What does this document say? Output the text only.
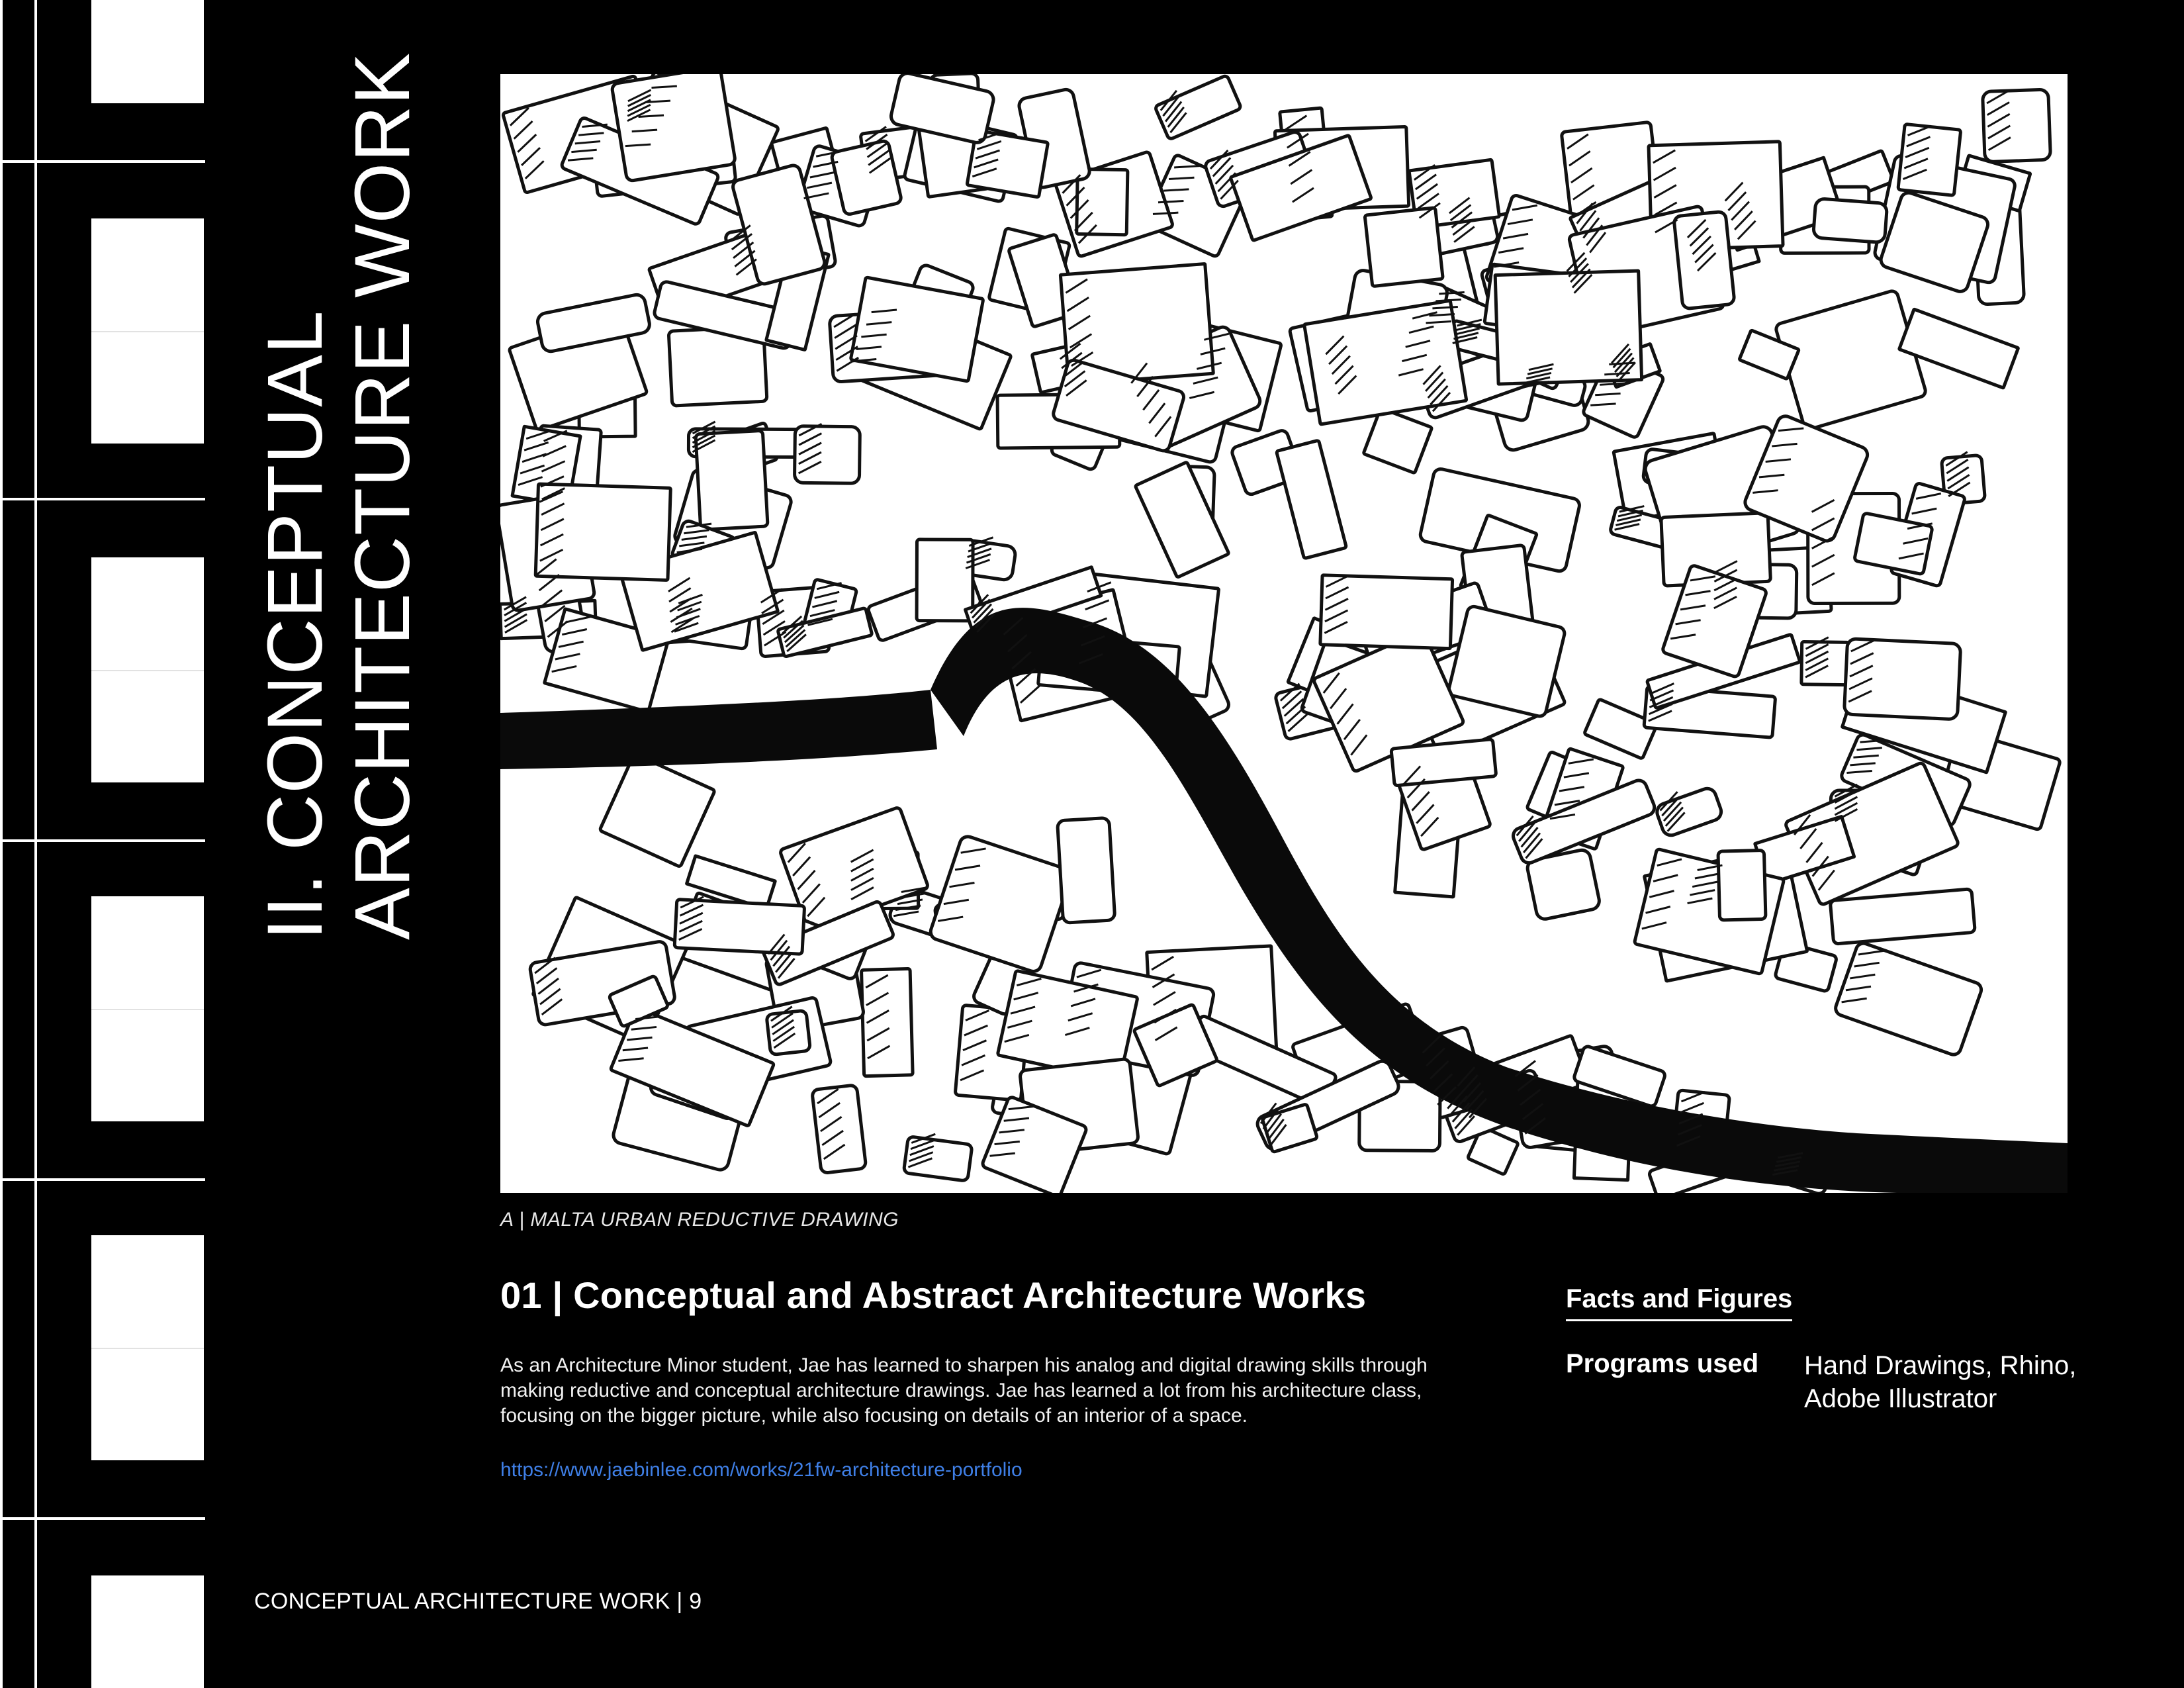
II. CONCEPTUAL ARCHITECTURE WORK
A | MALTA URBAN REDUCTIVE DRAWING
01 | Conceptual and Abstract Architecture Works
As an Architecture Minor student, Jae has learned to sharpen his analog and digital drawing skills through making reductive and conceptual architecture drawings. Jae has learned a lot from his architecture class, focusing on the bigger picture, while also focusing on details of an interior of a space.
https://www.jaebinlee.com/works/21fw-architecture-portfolio
Facts and Figures
Programs used Hand Drawings, Rhino, Adobe Illustrator
CONCEPTUAL ARCHITECTURE WORK | 9
